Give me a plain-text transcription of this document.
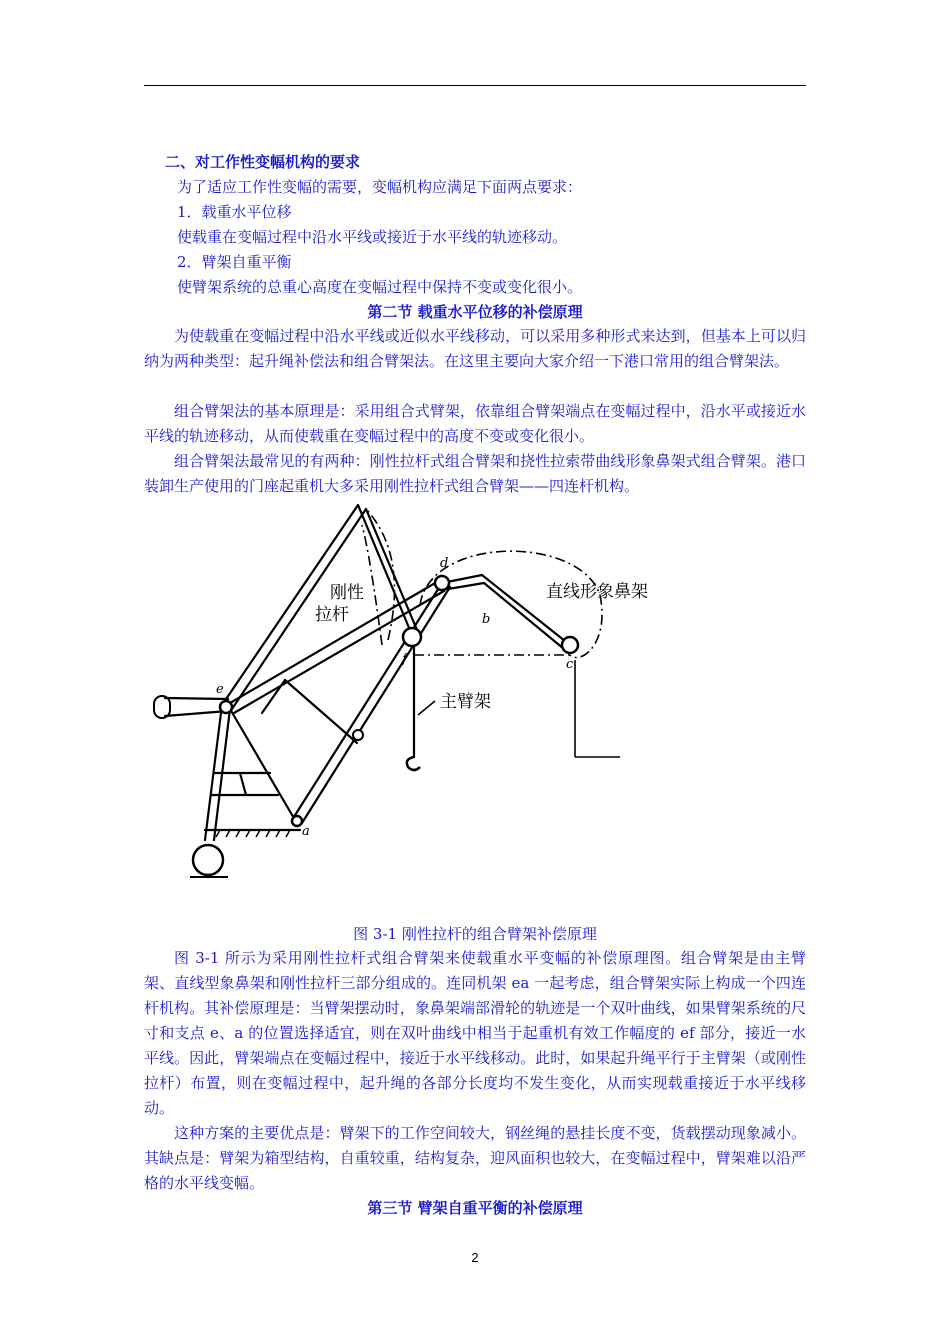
二、对工作性变幅机构的要求
为了适应工作性变幅的需要，变幅机构应满足下面两点要求：
1．载重水平位移
使载重在变幅过程中沿水平线或接近于水平线的轨迹移动。
2．臂架自重平衡
使臂架系统的总重心高度在变幅过程中保持不变或变化很小。
第二节 载重水平位移的补偿原理
为使载重在变幅过程中沿水平线或近似水平线移动，可以采用多种形式来达到，但基本上可以归纳为两种类型：起升绳补偿法和组合臂架法。在这里主要向大家介绍一下港口常用的组合臂架法。
组合臂架法的基本原理是：采用组合式臂架，依靠组合臂架端点在变幅过程中，沿水平或接近水平线的轨迹移动，从而使载重在变幅过程中的高度不变或变化很小。
组合臂架法最常见的有两种：刚性拉杆式组合臂架和挠性拉索带曲线形象鼻架式组合臂架。港口装卸生产使用的门座起重机大多采用刚性拉杆式组合臂架——四连杆机构。
刚性
拉杆
直线形象鼻架
主臂架
a
b
c
d
e
f
图 3-1 刚性拉杆的组合臂架补偿原理
图 3-1 所示为采用刚性拉杆式组合臂架来使载重水平变幅的补偿原理图。组合臂架是由主臂架、直线型象鼻架和刚性拉杆三部分组成的。连同机架 ea 一起考虑，组合臂架实际上构成一个四连杆机构。其补偿原理是：当臂架摆动时，象鼻架端部滑轮的轨迹是一个双叶曲线，如果臂架系统的尺寸和支点 e、a 的位置选择适宜，则在双叶曲线中相当于起重机有效工作幅度的 ef 部分，接近一水平线。因此，臂架端点在变幅过程中，接近于水平线移动。此时，如果起升绳平行于主臂架（或刚性拉杆）布置，则在变幅过程中，起升绳的各部分长度均不发生变化，从而实现载重接近于水平线移动。
这种方案的主要优点是：臂架下的工作空间较大，钢丝绳的悬挂长度不变，货载摆动现象减小。其缺点是：臂架为箱型结构，自重较重，结构复杂，迎风面积也较大，在变幅过程中，臂架难以沿严格的水平线变幅。
第三节 臂架自重平衡的补偿原理
2
